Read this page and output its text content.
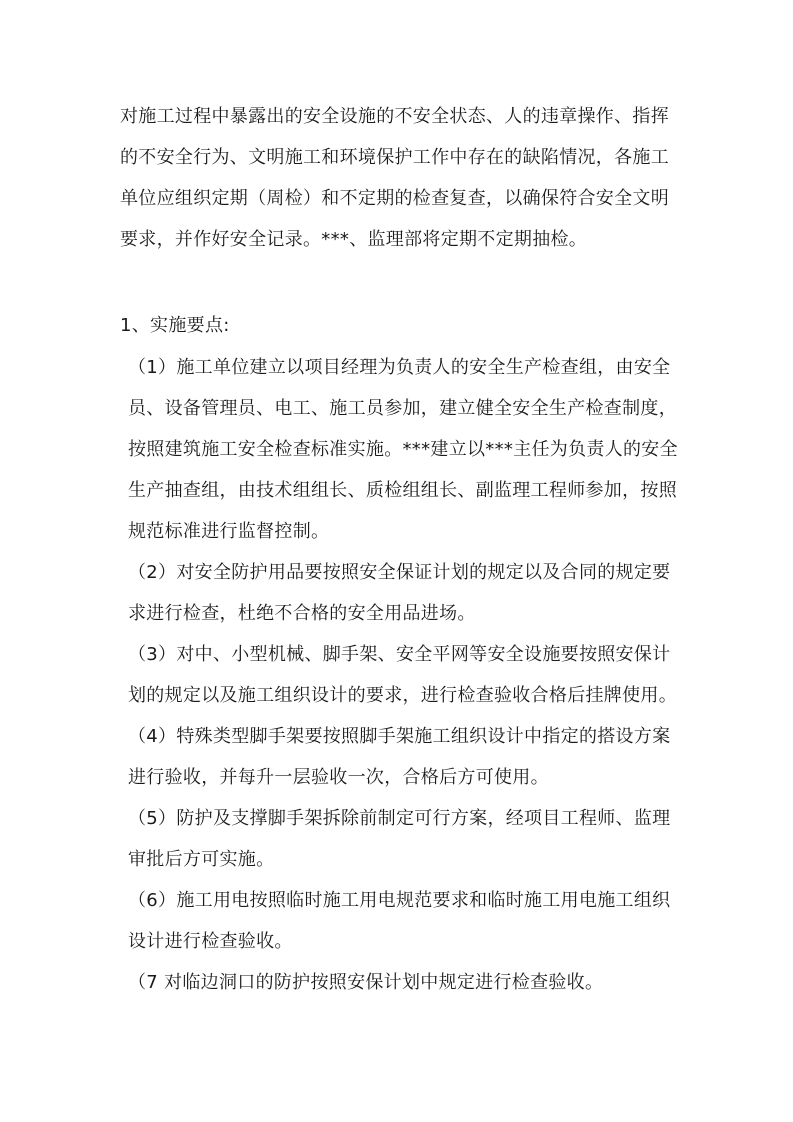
对施工过程中暴露出的安全设施的不安全状态、人的违章操作、指挥
的不安全行为、文明施工和环境保护工作中存在的缺陷情况，各施工
单位应组织定期（周检）和不定期的检查复查，以确保符合安全文明
要求，并作好安全记录。***、监理部将定期不定期抽检。

1、实施要点:

（1）施工单位建立以项目经理为负责人的安全生产检查组，由安全
员、设备管理员、电工、施工员参加，建立健全安全生产检查制度，
按照建筑施工安全检查标准实施。***建立以***主任为负责人的安全
生产抽查组，由技术组组长、质检组组长、副监理工程师参加，按照
规范标准进行监督控制。

（2）对安全防护用品要按照安全保证计划的规定以及合同的规定要
求进行检查，杜绝不合格的安全用品进场。

（3）对中、小型机械、脚手架、安全平网等安全设施要按照安保计
划的规定以及施工组织设计的要求，进行检查验收合格后挂牌使用。

（4）特殊类型脚手架要按照脚手架施工组织设计中指定的搭设方案
进行验收，并每升一层验收一次，合格后方可使用。

（5）防护及支撑脚手架拆除前制定可行方案，经项目工程师、监理
审批后方可实施。

（6）施工用电按照临时施工用电规范要求和临时施工用电施工组织
设计进行检查验收。

（7 对临边洞口的防护按照安保计划中规定进行检查验收。
